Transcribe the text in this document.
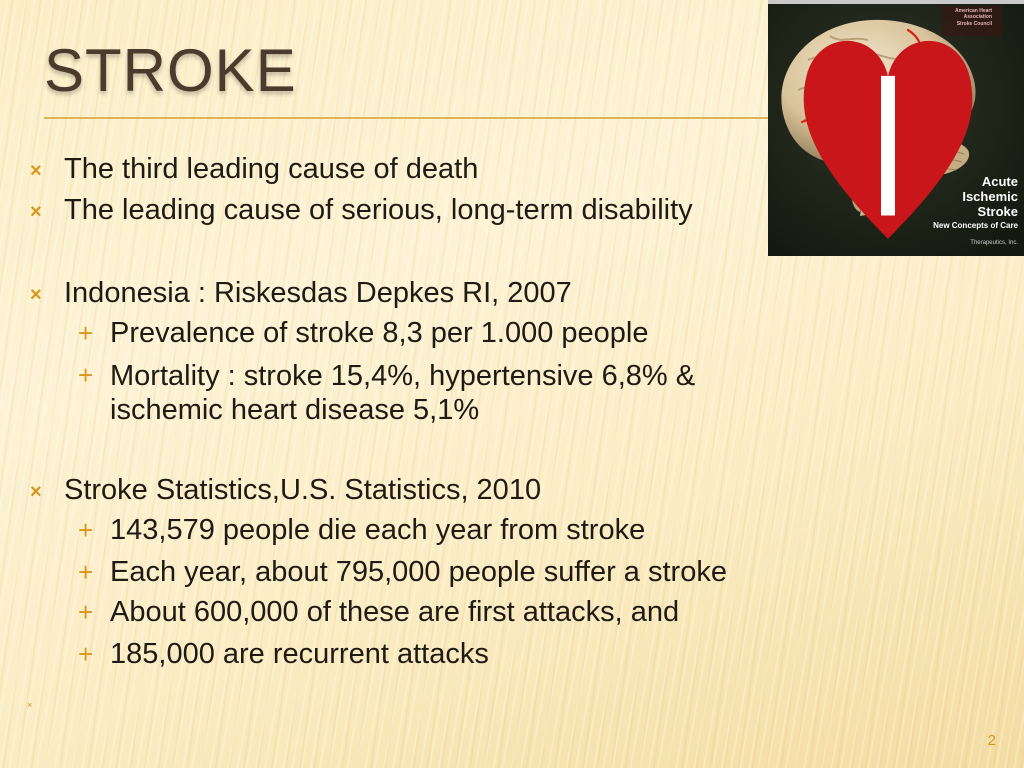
STROKE
American Heart
Association
Stroke Council
Acute
Ischemic
Stroke
New Concepts of Care
Therapeutics, Inc.
× The third leading cause of death
× The leading cause of serious, long-term disability
× Indonesia : Riskesdas Depkes RI, 2007
+ Prevalence of stroke 8,3 per 1.000 people
+ Mortality : stroke 15,4%, hypertensive 6,8% & ischemic heart disease 5,1%
× Stroke Statistics,U.S. Statistics, 2010
+ 143,579 people die each year from stroke
+ Each year, about 795,000 people suffer a stroke
+ About 600,000 of these are first attacks, and
+ 185,000 are recurrent attacks
×
2
